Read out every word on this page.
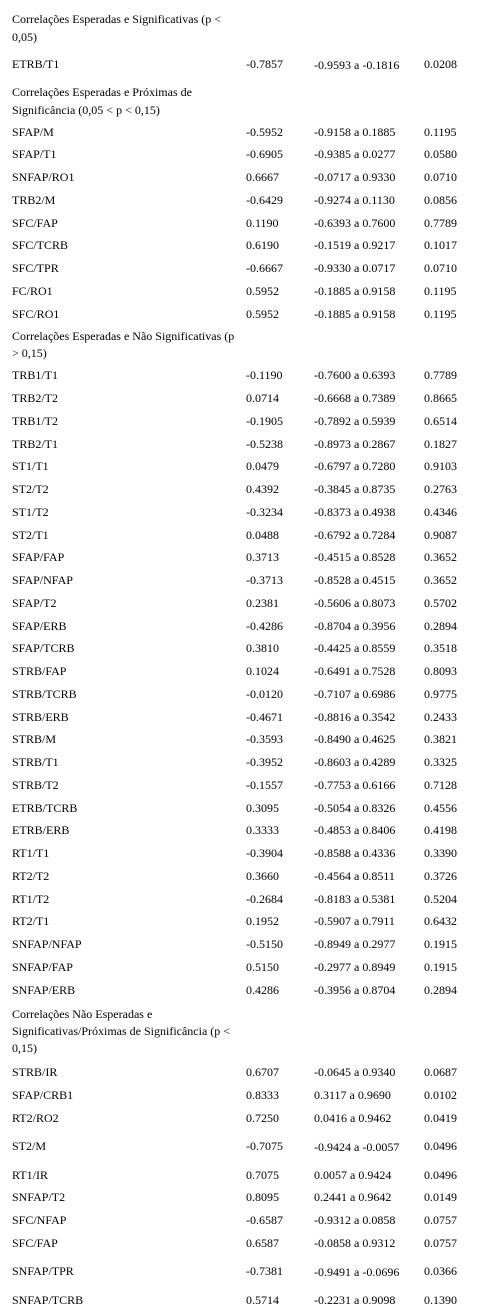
Correlações Esperadas e Significativas (p < 0,05)			

ETRB/T1	-0.7857	-0.9593 a -0.1816	0.0208

Correlações Esperadas e Próximas de Significância (0,05 < p < 0,15)			

SFAP/M	-0.5952	-0.9158 a 0.1885	0.1195
SFAP/T1	-0.6905	-0.9385 a 0.0277	0.0580
SNFAP/RO1	0.6667	-0.0717 a 0.9330	0.0710
TRB2/M	-0.6429	-0.9274 a 0.1130	0.0856
SFC/FAP	0.1190	-0.6393 a 0.7600	0.7789
SFC/TCRB	0.6190	-0.1519 a 0.9217	0.1017
SFC/TPR	-0.6667	-0.9330 a 0.0717	0.0710
FC/RO1	0.5952	-0.1885 a 0.9158	0.1195
SFC/RO1	0.5952	-0.1885 a 0.9158	0.1195

Correlações Esperadas e Não Significativas (p > 0,15)			

TRB1/T1	-0.1190	-0.7600 a 0.6393	0.7789
TRB2/T2	0.0714	-0.6668 a 0.7389	0.8665
TRB1/T2	-0.1905	-0.7892 a 0.5939	0.6514
TRB2/T1	-0.5238	-0.8973 a 0.2867	0.1827
ST1/T1	0.0479	-0.6797 a 0.7280	0.9103
ST2/T2	0.4392	-0.3845 a 0.8735	0.2763
ST1/T2	-0.3234	-0.8373 a 0.4938	0.4346
ST2/T1	0.0488	-0.6792 a 0.7284	0.9087
SFAP/FAP	0.3713	-0.4515 a 0.8528	0.3652
SFAP/NFAP	-0.3713	-0.8528 a 0.4515	0.3652
SFAP/T2	0.2381	-0.5606 a 0.8073	0.5702
SFAP/ERB	-0.4286	-0.8704 a 0.3956	0.2894
SFAP/TCRB	0.3810	-0.4425 a 0.8559	0.3518
STRB/FAP	0.1024	-0.6491 a 0.7528	0.8093
STRB/TCRB	-0.0120	-0.7107 a 0.6986	0.9775
STRB/ERB	-0.4671	-0.8816 a 0.3542	0.2433
STRB/M	-0.3593	-0.8490 a 0.4625	0.3821
STRB/T1	-0.3952	-0.8603 a 0.4289	0.3325
STRB/T2	-0.1557	-0.7753 a 0.6166	0.7128
ETRB/TCRB	0.3095	-0.5054 a 0.8326	0.4556
ETRB/ERB	0.3333	-0.4853 a 0.8406	0.4198
RT1/T1	-0.3904	-0.8588 a 0.4336	0.3390
RT2/T2	0.3660	-0.4564 a 0.8511	0.3726
RT1/T2	-0.2684	-0.8183 a 0.5381	0.5204
RT2/T1	0.1952	-0.5907 a 0.7911	0.6432
SNFAP/NFAP	-0.5150	-0.8949 a 0.2977	0.1915
SNFAP/FAP	0.5150	-0.2977 a 0.8949	0.1915
SNFAP/ERB	0.4286	-0.3956 a 0.8704	0.2894

Correlações Não Esperadas e Significativas/Próximas de Significância (p < 0,15)			

STRB/IR	0.6707	-0.0645 a 0.9340	0.0687
SFAP/CRB1	0.8333	0.3117 a 0.9690	0.0102
RT2/RO2	0.7250	0.0416 a 0.9462	0.0419
ST2/M	-0.7075	-0.9424 a -0.0057	0.0496
RT1/IR	0.7075	0.0057 a 0.9424	0.0496
SNFAP/T2	0.8095	0.2441 a 0.9642	0.0149
SFC/NFAP	-0.6587	-0.9312 a 0.0858	0.0757
SFC/FAP	0.6587	-0.0858 a 0.9312	0.0757
SNFAP/TPR	-0.7381	-0.9491 a -0.0696	0.0366
SNFAP/TCRB	0.5714	-0.2231 a 0.9098	0.1390
